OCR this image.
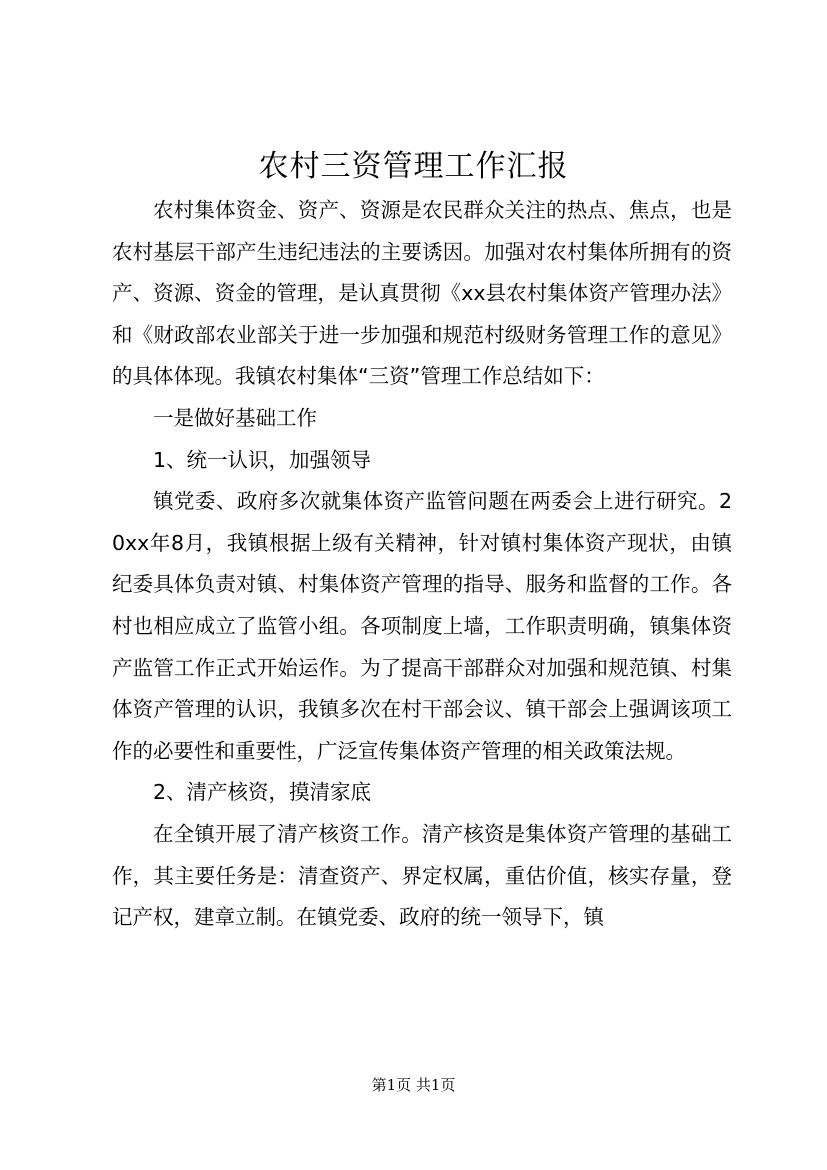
农村三资管理工作汇报

农村集体资金、资产、资源是农民群众关注的热点、焦点，也是农村基层干部产生违纪违法的主要诱因。加强对农村集体所拥有的资产、资源、资金的管理，是认真贯彻《xx县农村集体资产管理办法》和《财政部农业部关于进一步加强和规范村级财务管理工作的意见》的具体体现。我镇农村集体“三资”管理工作总结如下：

一是做好基础工作

1、统一认识，加强领导

镇党委、政府多次就集体资产监管问题在两委会上进行研究。20xx年8月，我镇根据上级有关精神，针对镇村集体资产现状，由镇纪委具体负责对镇、村集体资产管理的指导、服务和监督的工作。各村也相应成立了监管小组。各项制度上墙，工作职责明确，镇集体资产监管工作正式开始运作。为了提高干部群众对加强和规范镇、村集体资产管理的认识，我镇多次在村干部会议、镇干部会上强调该项工作的必要性和重要性，广泛宣传集体资产管理的相关政策法规。

2、清产核资，摸清家底

在全镇开展了清产核资工作。清产核资是集体资产管理的基础工作，其主要任务是：清查资产、界定权属，重估价值，核实存量，登记产权，建章立制。在镇党委、政府的统一领导下，镇

第1页 共1页
